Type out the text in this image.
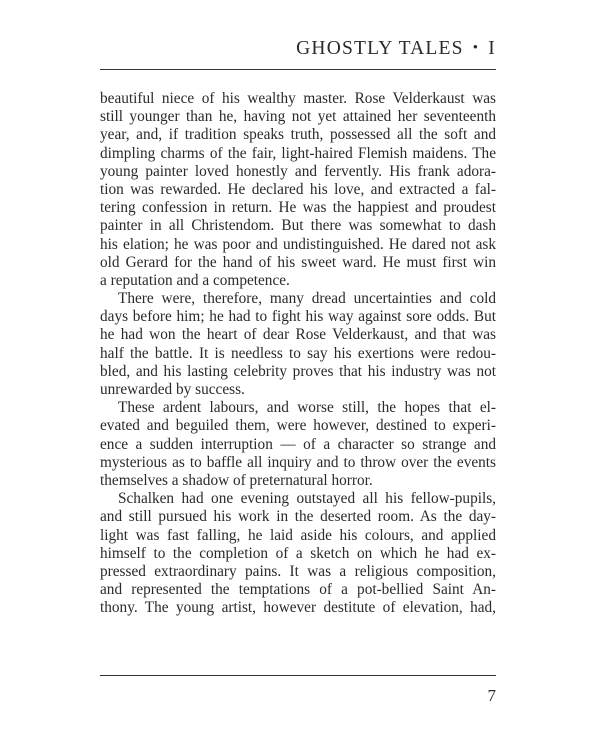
GHOSTLY TALES • I
beautiful niece of his wealthy master. Rose Velderkaust was
still younger than he, having not yet attained her seventeenth
year, and, if tradition speaks truth, possessed all the soft and
dimpling charms of the fair, light-haired Flemish maidens. The
young painter loved honestly and fervently. His frank adora-
tion was rewarded. He declared his love, and extracted a fal-
tering confession in return. He was the happiest and proudest
painter in all Christendom. But there was somewhat to dash
his elation; he was poor and undistinguished. He dared not ask
old Gerard for the hand of his sweet ward. He must first win
a reputation and a competence.
There were, therefore, many dread uncertainties and cold
days before him; he had to fight his way against sore odds. But
he had won the heart of dear Rose Velderkaust, and that was
half the battle. It is needless to say his exertions were redou-
bled, and his lasting celebrity proves that his industry was not
unrewarded by success.
These ardent labours, and worse still, the hopes that el-
evated and beguiled them, were however, destined to experi-
ence a sudden interruption — of a character so strange and
mysterious as to baffle all inquiry and to throw over the events
themselves a shadow of preternatural horror.
Schalken had one evening outstayed all his fellow-pupils,
and still pursued his work in the deserted room. As the day-
light was fast falling, he laid aside his colours, and applied
himself to the completion of a sketch on which he had ex-
pressed extraordinary pains. It was a religious composition,
and represented the temptations of a pot-bellied Saint An-
thony. The young artist, however destitute of elevation, had,
7
